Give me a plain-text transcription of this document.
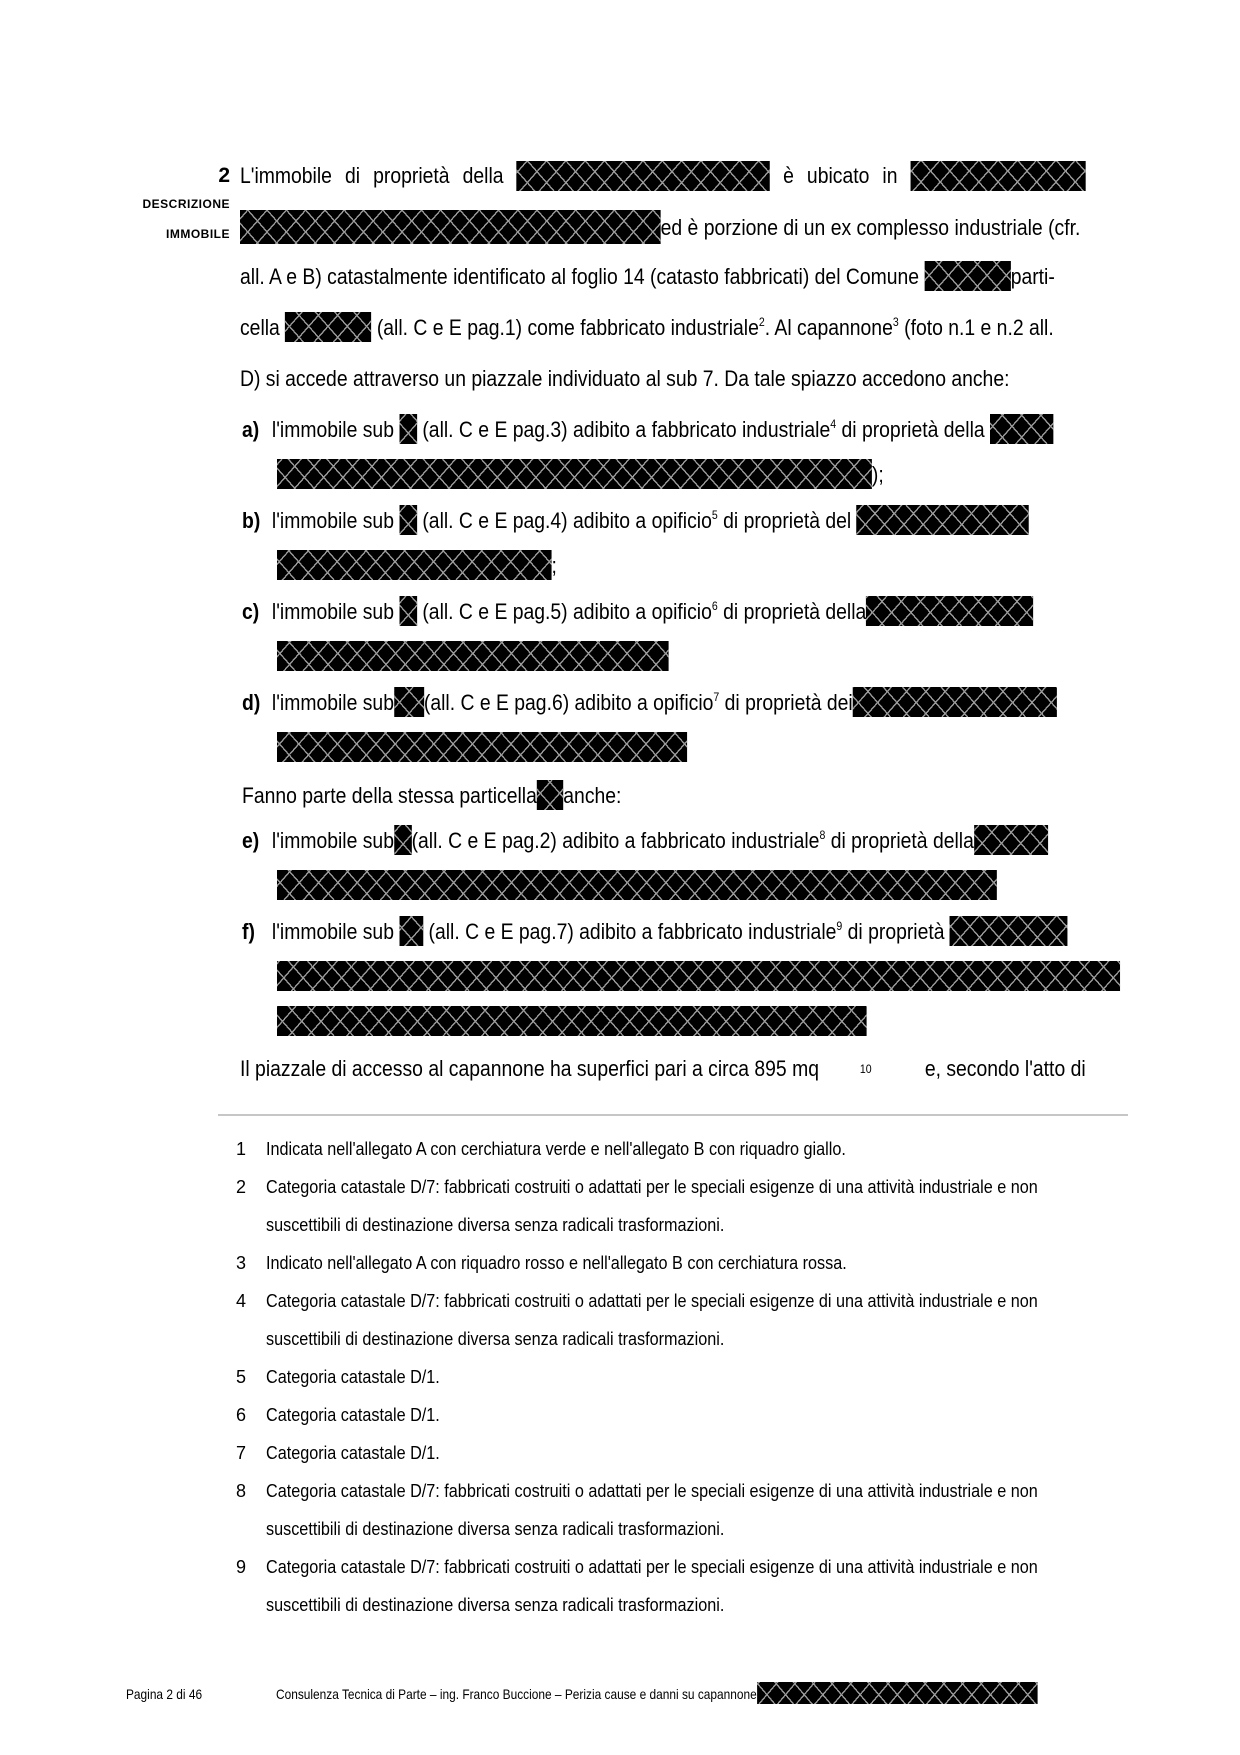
2
DESCRIZIONE
IMMOBILE
L'immobile di proprietà della	è ubicato in
ed è porzione di un ex complesso industriale (cfr.
all. A e B) catastalmente identificato al foglio 14 (catasto fabbricati) del Comune	parti-
cella	(all. C e E pag.1) come fabbricato industriale$^2$. Al capannone$^3$ (foto n.1 e n.2 all.
D) si accede attraverso un piazzale individuato al sub 7. Da tale spiazzo accedono anche:
a) l'immobile sub (all. C e E pag.3) adibito a fabbricato industriale$^4$ di proprietà della
);
b) l'immobile sub (all. C e E pag.4) adibito a opificio$^5$ di proprietà del
;
c) l'immobile sub (all. C e E pag.5) adibito a opificio$^6$ di proprietà della
d) l'immobile sub (all. C e E pag.6) adibito a opificio$^7$ di proprietà dei
Fanno parte della stessa particella anche:
e) l'immobile sub (all. C e E pag.2) adibito a fabbricato industriale$^8$ di proprietà della
f) l'immobile sub (all. C e E pag.7) adibito a fabbricato industriale$^9$ di proprietà
Il piazzale di accesso al capannone ha superfici pari a circa 895 mq	10 e, secondo l'atto di
1 Indicata nell'allegato A con cerchiatura verde e nell'allegato B con riquadro giallo.
2 Categoria catastale D/7: fabbricati costruiti o adattati per le speciali esigenze di una attività industriale e non
suscettibili di destinazione diversa senza radicali trasformazioni.
3 Indicato nell'allegato A con riquadro rosso e nell'allegato B con cerchiatura rossa.
4 Categoria catastale D/7: fabbricati costruiti o adattati per le speciali esigenze di una attività industriale e non
suscettibili di destinazione diversa senza radicali trasformazioni.
5 Categoria catastale D/1.
6 Categoria catastale D/1.
7 Categoria catastale D/1.
8 Categoria catastale D/7: fabbricati costruiti o adattati per le speciali esigenze di una attività industriale e non
suscettibili di destinazione diversa senza radicali trasformazioni.
9 Categoria catastale D/7: fabbricati costruiti o adattati per le speciali esigenze di una attività industriale e non
suscettibili di destinazione diversa senza radicali trasformazioni.
Pagina 2 di 46	Consulenza Tecnica di Parte – ing. Franco Buccione – Perizia cause e danni su capannone
